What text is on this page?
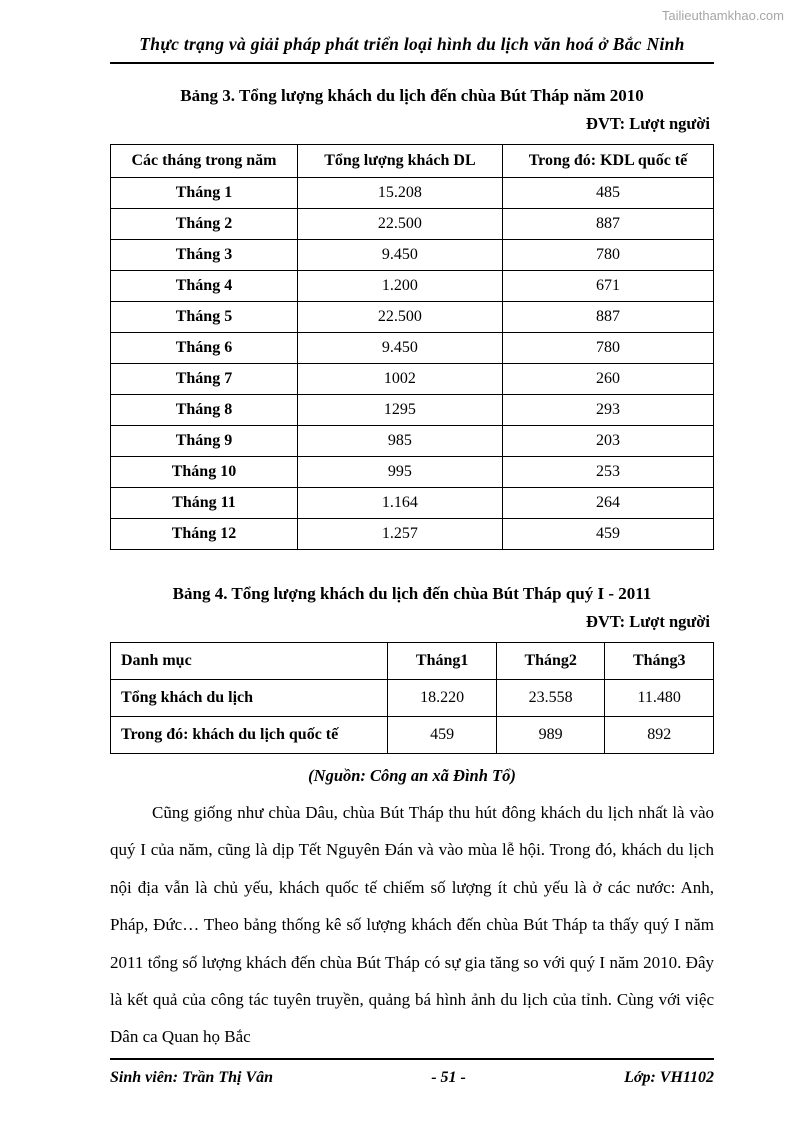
Tailieuthamkhao.com
Thực trạng và giải pháp phát triển loại hình du lịch văn hoá ở Bắc Ninh
Bảng 3. Tổng lượng khách du lịch đến chùa Bút Tháp năm 2010
ĐVT: Lượt người
Các tháng trong năm	Tổng lượng khách DL	Trong đó: KDL quốc tế
Tháng 1	15.208	485
Tháng 2	22.500	887
Tháng 3	9.450	780
Tháng 4	1.200	671
Tháng 5	22.500	887
Tháng 6	9.450	780
Tháng 7	1002	260
Tháng 8	1295	293
Tháng 9	985	203
Tháng 10	995	253
Tháng 11	1.164	264
Tháng 12	1.257	459
Bảng 4. Tổng lượng khách du lịch đến chùa Bút Tháp quý I - 2011
ĐVT: Lượt người
Danh mục	Tháng1	Tháng2	Tháng3
Tổng khách du lịch	18.220	23.558	11.480
Trong đó: khách du lịch quốc tế	459	989	892
(Nguồn: Công an xã Đình Tổ)

Cũng giống như chùa Dâu, chùa Bút Tháp thu hút đông khách du lịch nhất là vào quý I của năm, cũng là dịp Tết Nguyên Đán và vào mùa lễ hội. Trong đó, khách du lịch nội địa vẫn là chủ yếu, khách quốc tế chiếm số lượng ít chủ yếu là ở các nước: Anh, Pháp, Đức… Theo bảng thống kê số lượng khách đến chùa Bút Tháp ta thấy quý I năm 2011 tổng số lượng khách đến chùa Bút Tháp có sự gia tăng so với quý I năm 2010. Đây là kết quả của công tác tuyên truyền, quảng bá hình ảnh du lịch của tỉnh. Cùng với việc Dân ca Quan họ Bắc

Sinh viên: Trần Thị Vân	- 51 -	Lớp: VH1102
